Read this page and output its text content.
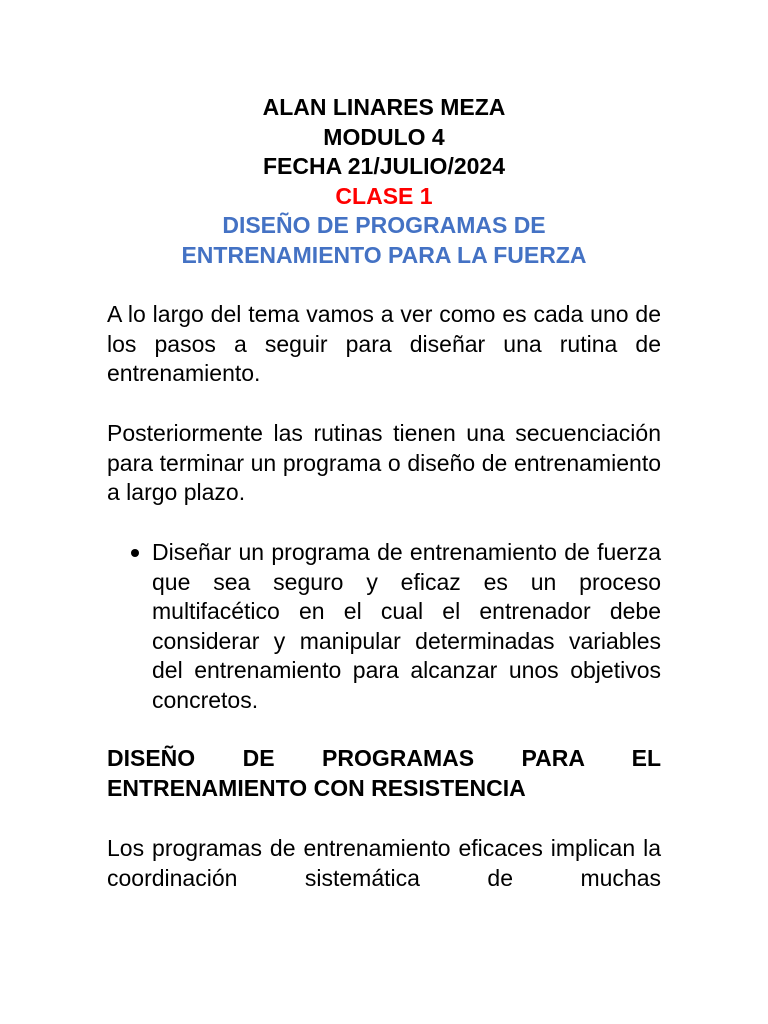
ALAN LINARES MEZA
MODULO 4
FECHA 21/JULIO/2024
CLASE 1
DISEÑO DE PROGRAMAS DE
ENTRENAMIENTO PARA LA FUERZA

A lo largo del tema vamos a ver como es cada uno de los pasos a seguir para diseñar una rutina de entrenamiento.

Posteriormente las rutinas tienen una secuenciación para terminar un programa o diseño de entrenamiento a largo plazo.

Diseñar un programa de entrenamiento de fuerza que sea seguro y eficaz es un proceso multifacético en el cual el entrenador debe considerar y manipular determinadas variables del entrenamiento para alcanzar unos objetivos concretos.

DISEÑO DE PROGRAMAS PARA EL ENTRENAMIENTO CON RESISTENCIA

Los programas de entrenamiento eficaces implican la coordinación sistemática de muchas
